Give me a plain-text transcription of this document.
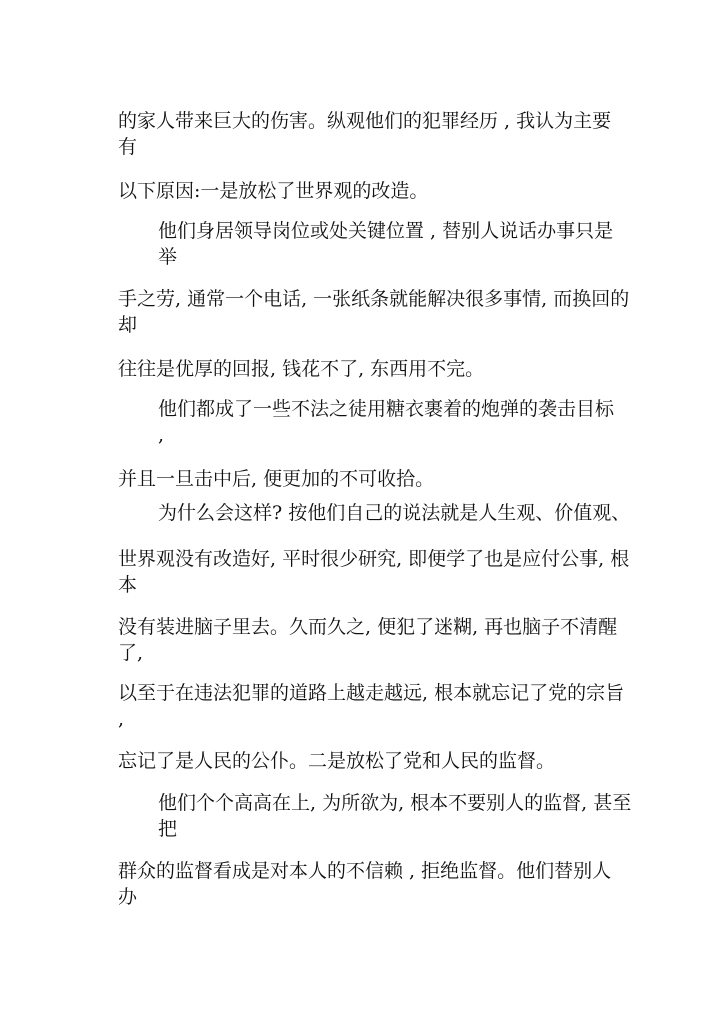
的家人带来巨大的伤害。纵观他们的犯罪经历 , 我认为主要
有

以下原因:一是放松了世界观的改造。

他们身居领导岗位或处关键位置 , 替别人说话办事只是
举

手之劳, 通常一个电话, 一张纸条就能解决很多事情, 而换回的
却

往往是优厚的回报, 钱花不了, 东西用不完。

他们都成了一些不法之徒用糖衣裹着的炮弹的袭击目标
,

并且一旦击中后, 便更加的不可收拾。

为什么会这样? 按他们自己的说法就是人生观、价值观、

世界观没有改造好, 平时很少研究, 即便学了也是应付公事, 根
本

没有装进脑子里去。久而久之, 便犯了迷糊, 再也脑子不清醒
了,

以至于在违法犯罪的道路上越走越远, 根本就忘记了党的宗旨
,

忘记了是人民的公仆。二是放松了党和人民的监督。

他们个个高高在上, 为所欲为, 根本不要别人的监督, 甚至
把

群众的监督看成是对本人的不信赖 , 拒绝监督。他们替别人
办
